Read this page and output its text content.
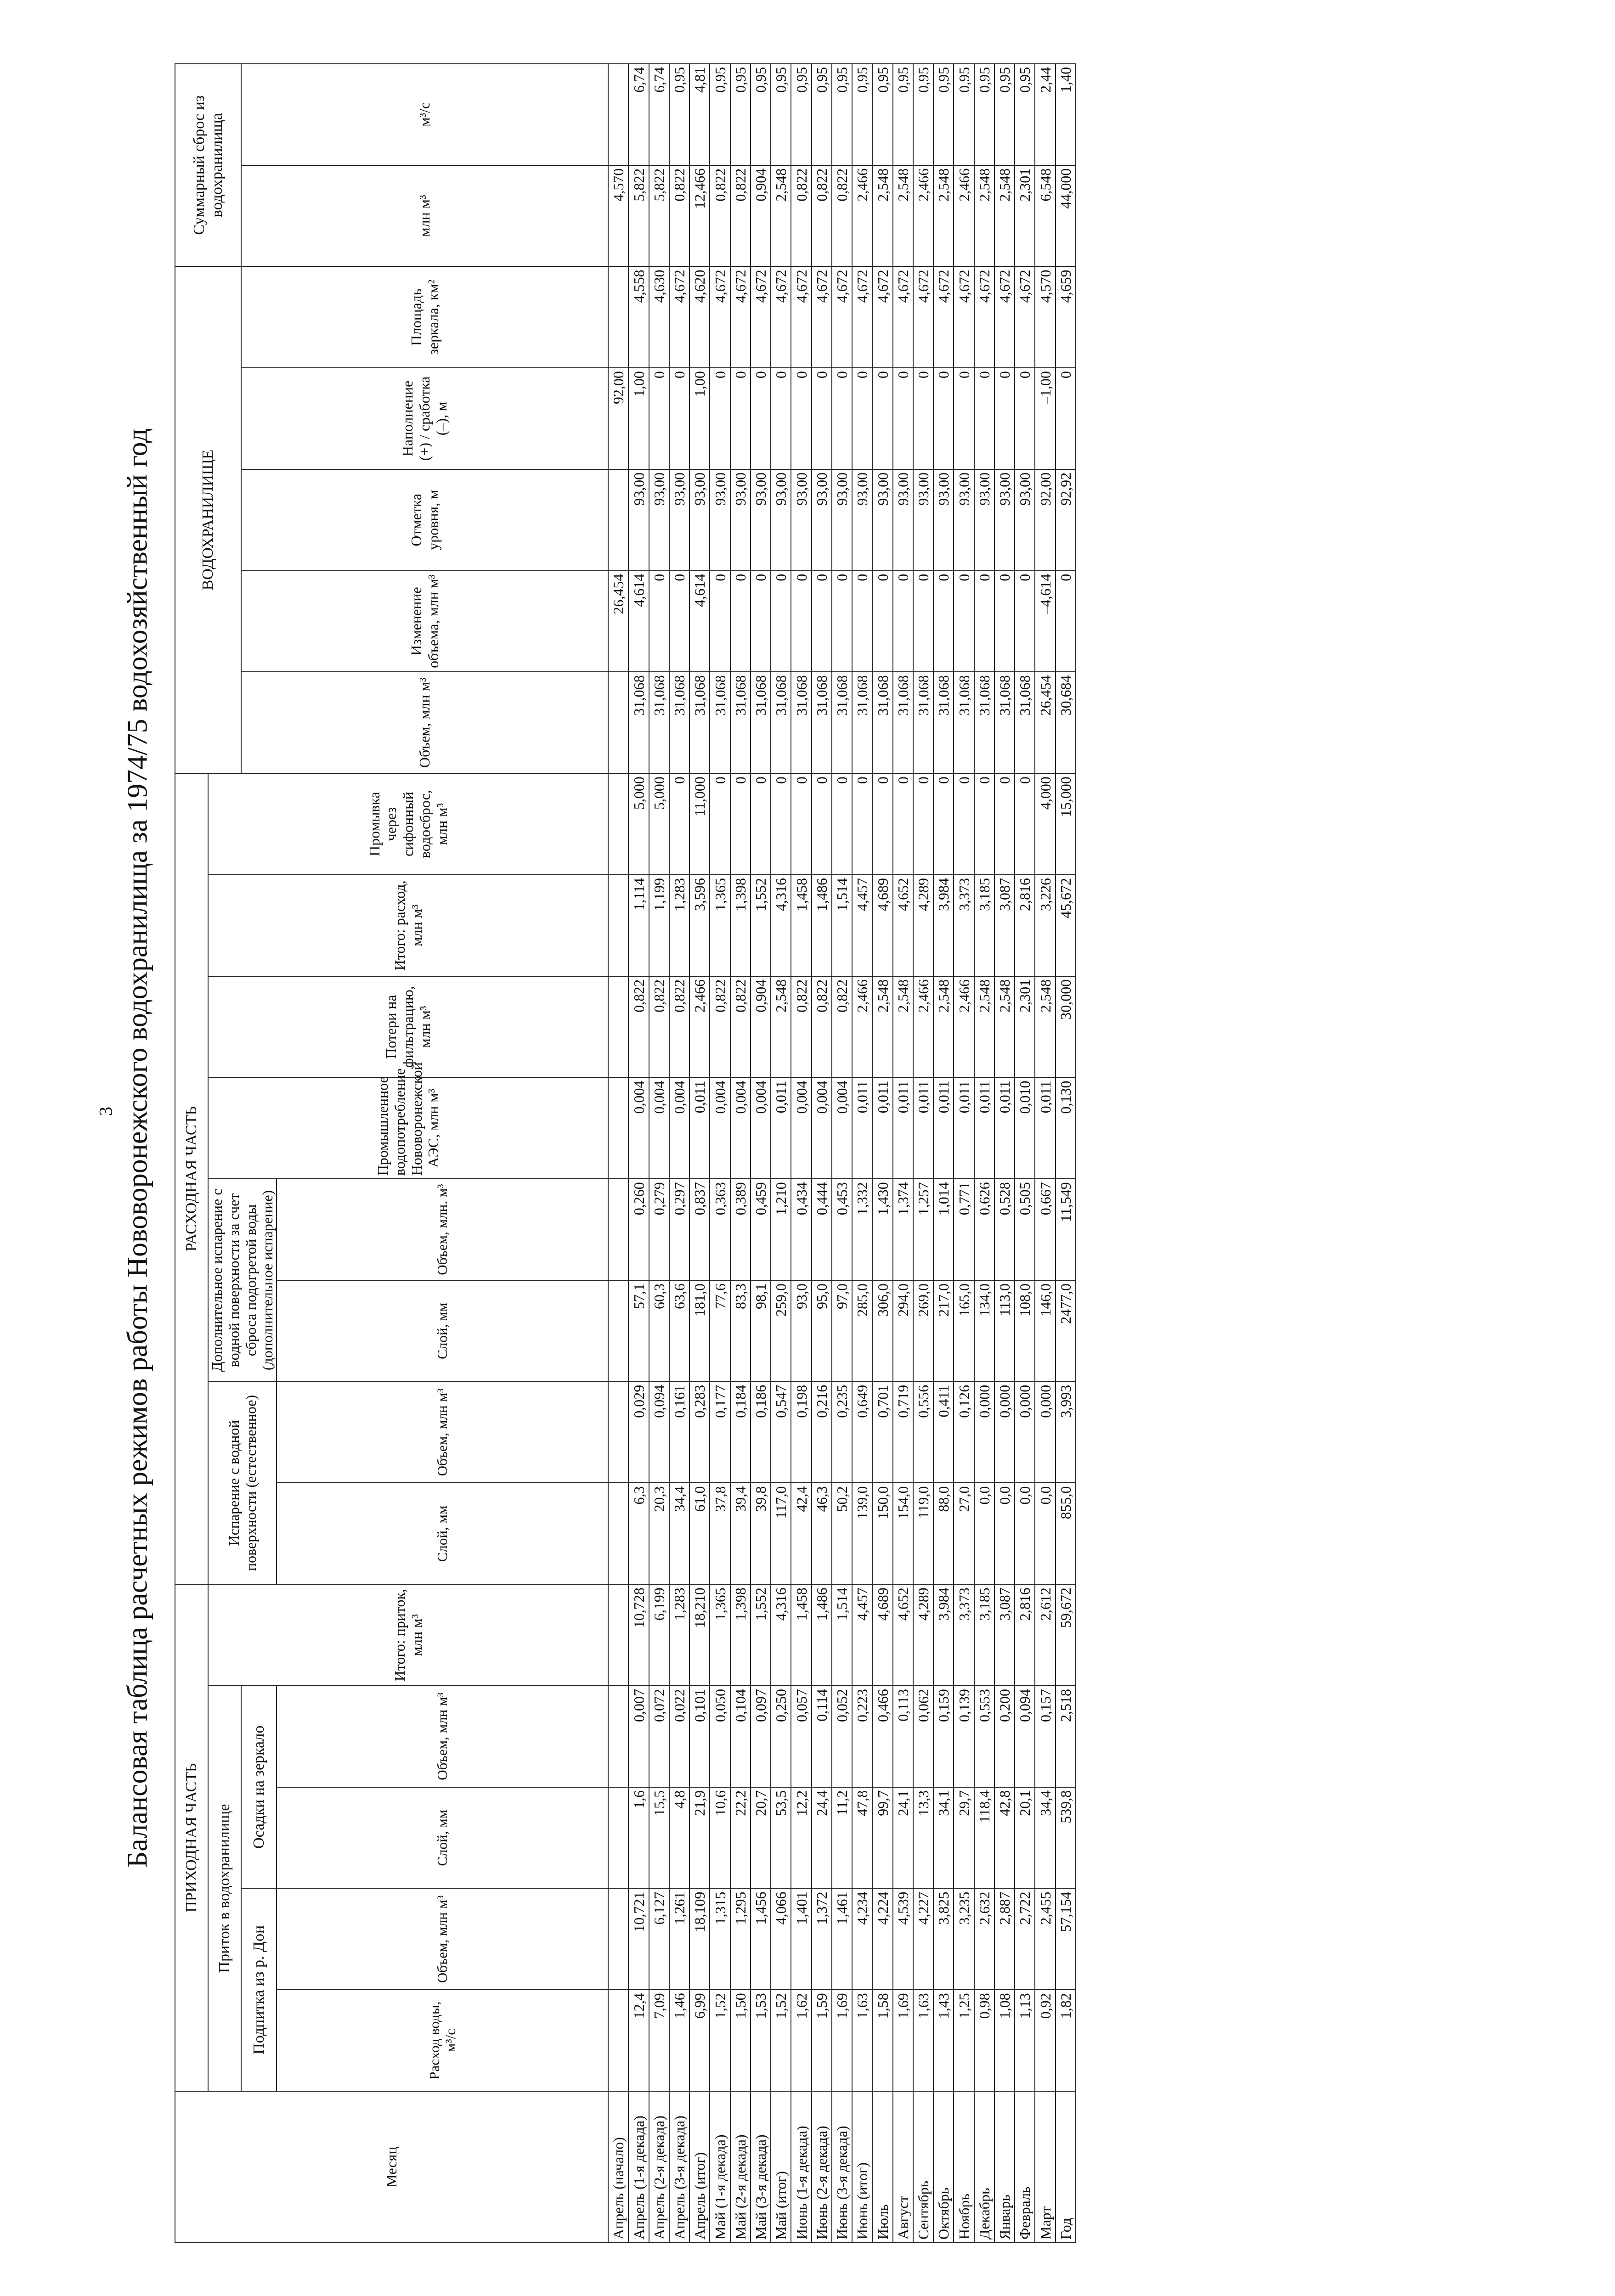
3 Балансовая таблица расчетных режимов работы Нововоронежского водохранилища за 1974/75 водохозяйственный год
Месяц	ПРИХОДНАЯ ЧАСТЬ					РАСХОДНАЯ ЧАСТЬ								ВОДОХРАНИЛИЩЕ					Суммарный сброс из водохранилища		
	Приток в водохранилище				Итого: приток, млн м³	Испарение с водной поверхности (естественное)		Дополнительное испарение с водной поверхности за счет сброса подогретой воды (дополнительное испарение)		Промышленное водопотребление Нововоронежской АЭС, млн м³	Потери на фильтрацию, млн м³	Итого: расход, млн м³	Промывка через сифонный водосброс, млн м³								
	Подпитка из р. Дон		Осадки на зеркало											Объем, млн м³	Изменение объема, млн м³	Отметка уровня, м	Наполнение (+) / сработка (–), м	Площадь зеркала, км²	млн м³	м³/с	
	Расход воды, м³/с	Объем, млн м³	Слой, мм	Объем, млн м³		Слой, мм	Объем, млн м³	Слой, мм	Объем, млн. м³												
Апрель (начало)															26,454		92,00		4,570		
Апрель (1-я декада)	12,4	10,721	1,6	0,007	10,728	6,3	0,029	57,1	0,260	0,004	0,822	1,114	5,000	31,068	4,614	93,00	1,00	4,558	5,822	6,74	
Апрель (2-я декада)	7,09	6,127	15,5	0,072	6,199	20,3	0,094	60,3	0,279	0,004	0,822	1,199	5,000	31,068	0	93,00	0	4,630	5,822	6,74	
Апрель (3-я декада)	1,46	1,261	4,8	0,022	1,283	34,4	0,161	63,6	0,297	0,004	0,822	1,283	0	31,068	0	93,00	0	4,672	0,822	0,95	
Апрель (итог)	6,99	18,109	21,9	0,101	18,210	61,0	0,283	181,0	0,837	0,011	2,466	3,596	11,000	31,068	4,614	93,00	1,00	4,620	12,466	4,81	
Май (1-я декада)	1,52	1,315	10,6	0,050	1,365	37,8	0,177	77,6	0,363	0,004	0,822	1,365	0	31,068	0	93,00	0	4,672	0,822	0,95	
Май (2-я декада)	1,50	1,295	22,2	0,104	1,398	39,4	0,184	83,3	0,389	0,004	0,822	1,398	0	31,068	0	93,00	0	4,672	0,822	0,95	
Май (3-я декада)	1,53	1,456	20,7	0,097	1,552	39,8	0,186	98,1	0,459	0,004	0,904	1,552	0	31,068	0	93,00	0	4,672	0,904	0,95	
Май (итог)	1,52	4,066	53,5	0,250	4,316	117,0	0,547	259,0	1,210	0,011	2,548	4,316	0	31,068	0	93,00	0	4,672	2,548	0,95	
Июнь (1-я декада)	1,62	1,401	12,2	0,057	1,458	42,4	0,198	93,0	0,434	0,004	0,822	1,458	0	31,068	0	93,00	0	4,672	0,822	0,95	
Июнь (2-я декада)	1,59	1,372	24,4	0,114	1,486	46,3	0,216	95,0	0,444	0,004	0,822	1,486	0	31,068	0	93,00	0	4,672	0,822	0,95	
Июнь (3-я декада)	1,69	1,461	11,2	0,052	1,514	50,2	0,235	97,0	0,453	0,004	0,822	1,514	0	31,068	0	93,00	0	4,672	0,822	0,95	
Июнь (итог)	1,63	4,234	47,8	0,223	4,457	139,0	0,649	285,0	1,332	0,011	2,466	4,457	0	31,068	0	93,00	0	4,672	2,466	0,95	
Июль	1,58	4,224	99,7	0,466	4,689	150,0	0,701	306,0	1,430	0,011	2,548	4,689	0	31,068	0	93,00	0	4,672	2,548	0,95	
Август	1,69	4,539	24,1	0,113	4,652	154,0	0,719	294,0	1,374	0,011	2,548	4,652	0	31,068	0	93,00	0	4,672	2,548	0,95	
Сентябрь	1,63	4,227	13,3	0,062	4,289	119,0	0,556	269,0	1,257	0,011	2,466	4,289	0	31,068	0	93,00	0	4,672	2,466	0,95	
Октябрь	1,43	3,825	34,1	0,159	3,984	88,0	0,411	217,0	1,014	0,011	2,548	3,984	0	31,068	0	93,00	0	4,672	2,548	0,95	
Ноябрь	1,25	3,235	29,7	0,139	3,373	27,0	0,126	165,0	0,771	0,011	2,466	3,373	0	31,068	0	93,00	0	4,672	2,466	0,95	
Декабрь	0,98	2,632	118,4	0,553	3,185	0,0	0,000	134,0	0,626	0,011	2,548	3,185	0	31,068	0	93,00	0	4,672	2,548	0,95	
Январь	1,08	2,887	42,8	0,200	3,087	0,0	0,000	113,0	0,528	0,011	2,548	3,087	0	31,068	0	93,00	0	4,672	2,548	0,95	
Февраль	1,13	2,722	20,1	0,094	2,816	0,0	0,000	108,0	0,505	0,010	2,301	2,816	0	31,068	0	93,00	0	4,672	2,301	0,95	
Март	0,92	2,455	34,4	0,157	2,612	0,0	0,000	146,0	0,667	0,011	2,548	3,226	4,000	26,454	–4,614	92,00	–1,00	4,570	6,548	2,44	
Год	1,82	57,154	539,8	2,518	59,672	855,0	3,993	2477,0	11,549	0,130	30,000	45,672	15,000	30,684	0	92,92	0	4,659	44,000	1,40	
